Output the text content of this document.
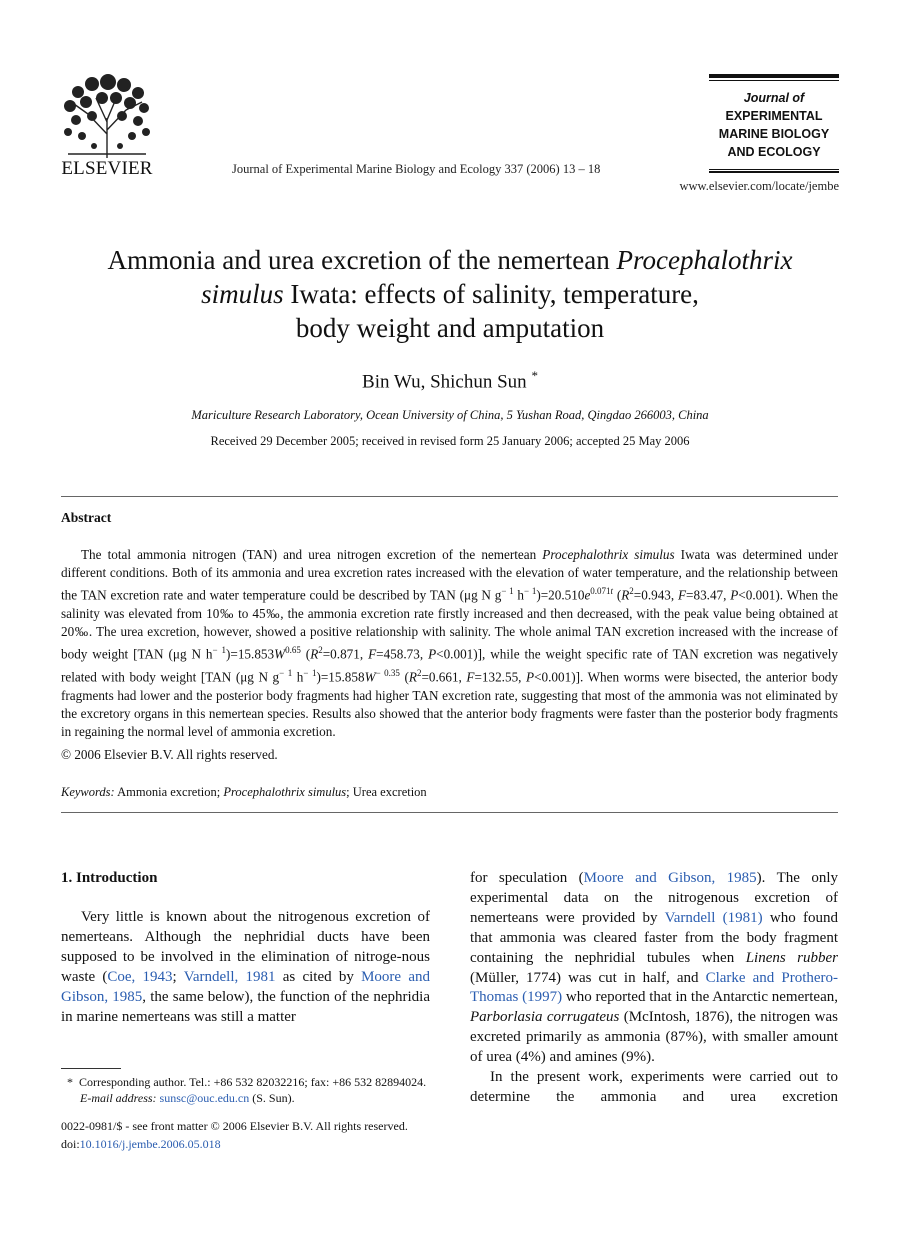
ELSEVIER	Journal of Experimental Marine Biology and Ecology 337 (2006) 13 – 18
Journal of
EXPERIMENTAL
MARINE BIOLOGY
AND ECOLOGY
www.elsevier.com/locate/jembe
Ammonia and urea excretion of the nemertean Procephalothrix
simulus Iwata: effects of salinity, temperature,
body weight and amputation
Bin Wu, Shichun Sun *
Mariculture Research Laboratory, Ocean University of China, 5 Yushan Road, Qingdao 266003, China
Received 29 December 2005; received in revised form 25 January 2006; accepted 25 May 2006
Abstract

The total ammonia nitrogen (TAN) and urea nitrogen excretion of the nemertean Procephalothrix simulus Iwata was determined under different conditions. Both of its ammonia and urea excretion rates increased with the elevation of water temperature, and the relationship between the TAN excretion rate and water temperature could be described by TAN (μg N $g^{- 1}$ $h^{- 1})=20.510e^{0.071t}$ ($R^2=0.943$, F=83.47, P<0.001). When the salinity was elevated from 10‰ to 45‰, the ammonia excretion rate firstly increased and then decreased, with the peak value being obtained at 20‰. The urea excretion, however, showed a positive relationship with salinity. The whole animal TAN excretion increased with the increase of body weight [TAN (μg N $h^{- 1})=15.853W^{0.65}$ ($R^2=0.871$, F=458.73, P<0.001)], while the weight specific rate of TAN excretion was negatively related with body weight [TAN (μg N $g^{- 1}$ $h^{- 1})=15.858W^{- 0.35}$ ($R^2=0.661$, F=132.55, P<0.001)]. When worms were bisected, the anterior body fragments had lower and the posterior body fragments had higher TAN excretion rate, suggesting that most of the ammonia was not eliminated by the excretory organs in this nemertean species. Results also showed that the anterior body fragments were faster than the posterior body fragments in regaining the normal level of ammonia excretion.

© 2006 Elsevier B.V. All rights reserved.
Keywords: Ammonia excretion; Procephalothrix simulus; Urea excretion
1. Introduction

Very little is known about the nitrogenous excretion of nemerteans. Although the nephridial ducts have been supposed to be involved in the elimination of nitroge-nous waste (Coe, 1943; Varndell, 1981 as cited by Moore and Gibson, 1985, the same below), the function of the nephridia in marine nemerteans was still a matter

for speculation (Moore and Gibson, 1985). The only experimental data on the nitrogenous excretion of nemerteans were provided by Varndell (1981) who found that ammonia was cleared faster from the body fragment containing the nephridial tubules when Linens rubber (Müller, 1774) was cut in half, and Clarke and Prothero-Thomas (1997) who reported that in the Antarctic nemertean, Parborlasia corrugateus (McIntosh, 1876), the nitrogen was excreted primarily as ammonia (87%), with smaller amount of urea (4%) and amines (9%).

In the present work, experiments were carried out to determine the ammonia and urea excretion

* Corresponding author. Tel.: +86 532 82032216; fax: +86 532 82894024.
E-mail address: sunsc@ouc.edu.cn (S. Sun).
0022-0981/$ - see front matter © 2006 Elsevier B.V. All rights reserved.
doi:10.1016/j.jembe.2006.05.018
